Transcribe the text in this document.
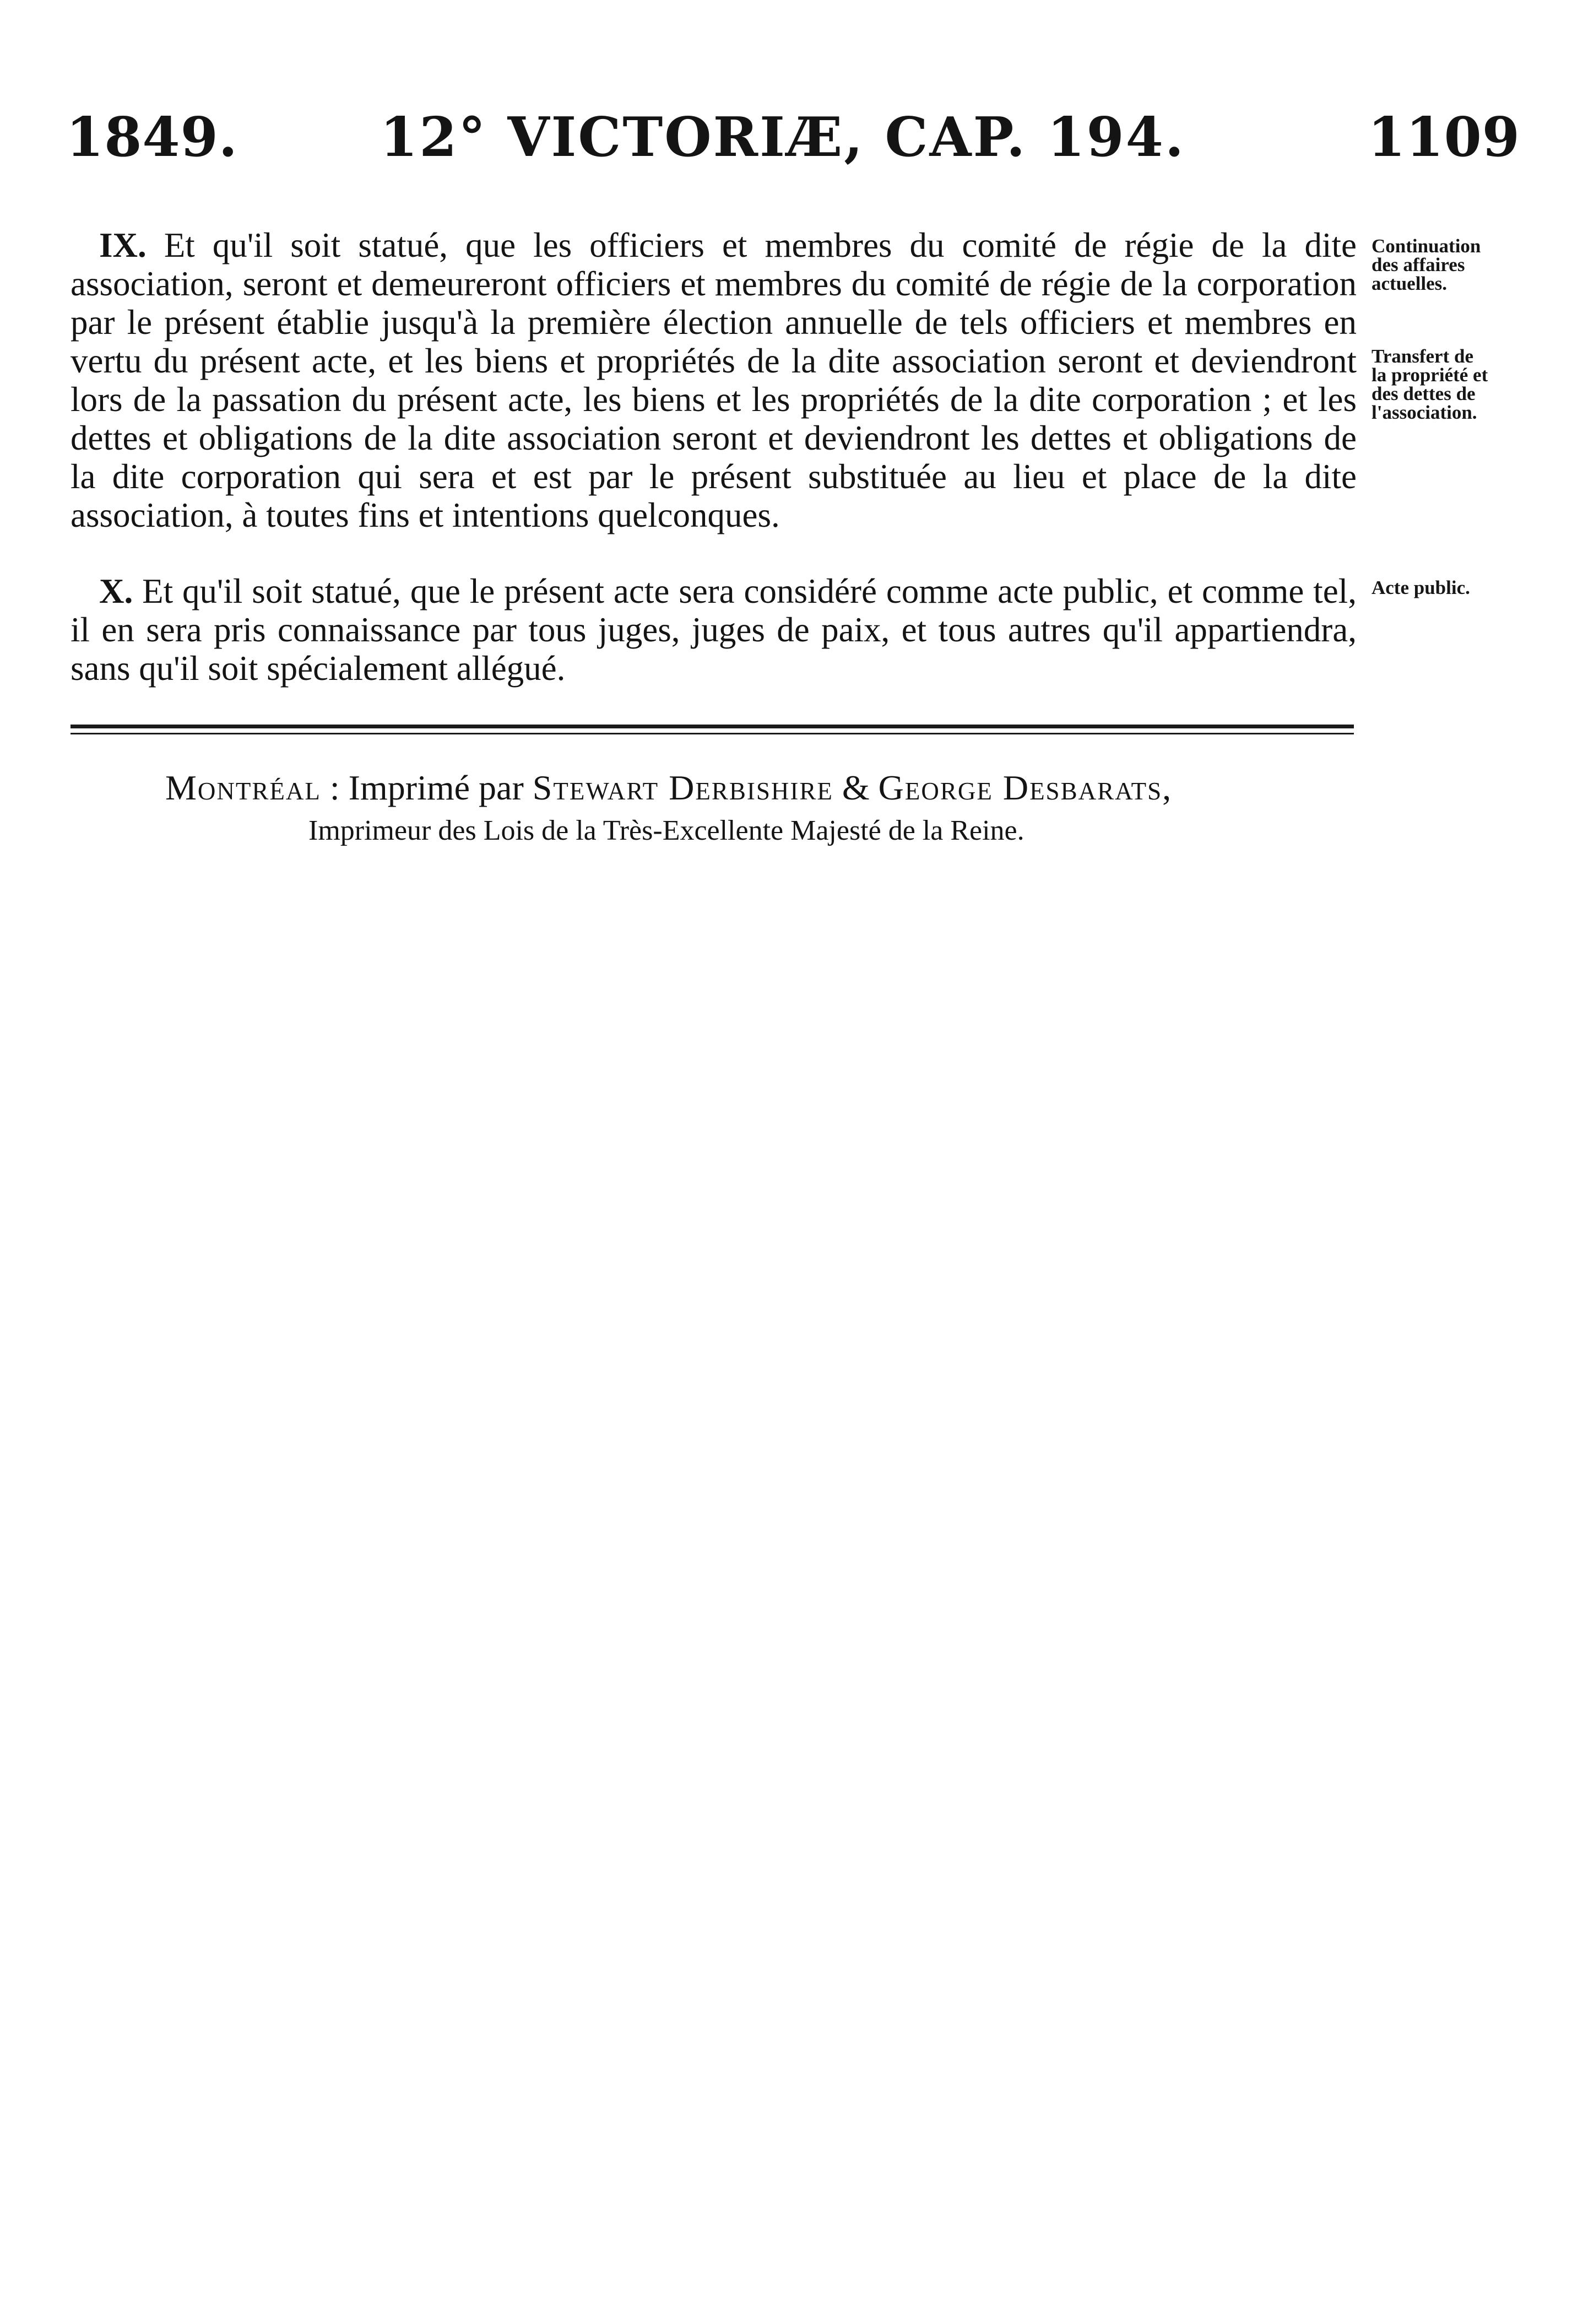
1849.	12° VICTORIÆ, CAP. 194.	1109

IX. Et qu'il soit statué, que les officiers et membres du comité de régie de la dite association, seront et demeureront officiers et membres du comité de régie de la corporation par le présent établie jusqu'à la première élection annuelle de tels officiers et membres en vertu du présent acte, et les biens et propriétés de la dite association seront et deviendront lors de la passation du présent acte, les biens et les propriétés de la dite corporation ; et les dettes et obligations de la dite association seront et deviendront les dettes et obligations de la dite corporation qui sera et est par le présent substituée au lieu et place de la dite association, à toutes fins et intentions quelconques.

X. Et qu'il soit statué, que le présent acte sera considéré comme acte public, et comme tel, il en sera pris connaissance par tous juges, juges de paix, et tous autres qu'il appartiendra, sans qu'il soit spécialement allégué.

Continuation
des affaires
actuelles.
Transfert de
la propriété et
des dettes de
l'association.
Acte public.
Montréal : Imprimé par Stewart Derbishire & George Desbarats,
Imprimeur des Lois de la Très-Excellente Majesté de la Reine.
